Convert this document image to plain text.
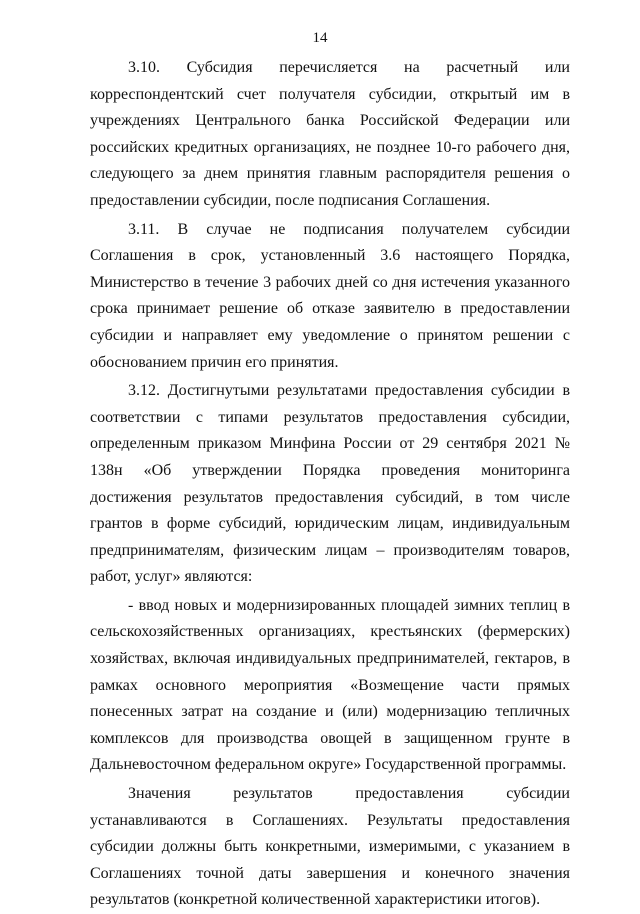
14

3.10. Субсидия перечисляется на расчетный или корреспондентский счет получателя субсидии, открытый им в учреждениях Центрального банка Российской Федерации или российских кредитных организациях, не позднее 10-го рабочего дня, следующего за днем принятия главным распорядителя решения о предоставлении субсидии, после подписания Соглашения.

3.11. В случае не подписания получателем субсидии Соглашения в срок, установленный 3.6 настоящего Порядка, Министерство в течение 3 рабочих дней со дня истечения указанного срока принимает решение об отказе заявителю в предоставлении субсидии и направляет ему уведомление о принятом решении с обоснованием причин его принятия.

3.12. Достигнутыми результатами предоставления субсидии в соответствии с типами результатов предоставления субсидии, определенным приказом Минфина России от 29 сентября 2021 № 138н «Об утверждении Порядка проведения мониторинга достижения результатов предоставления субсидий, в том числе грантов в форме субсидий, юридическим лицам, индивидуальным предпринимателям, физическим лицам – производителям товаров, работ, услуг» являются:

- ввод новых и модернизированных площадей зимних теплиц в сельскохозяйственных организациях, крестьянских (фермерских) хозяйствах, включая индивидуальных предпринимателей, гектаров, в рамках основного мероприятия «Возмещение части прямых понесенных затрат на создание и (или) модернизацию тепличных комплексов для производства овощей в защищенном грунте в Дальневосточном федеральном округе» Государственной программы.

Значения результатов предоставления субсидии устанавливаются в Соглашениях. Результаты предоставления субсидии должны быть конкретными, измеримыми, с указанием в Соглашениях точной даты завершения и конечного значения результатов (конкретной количественной характеристики итогов).
